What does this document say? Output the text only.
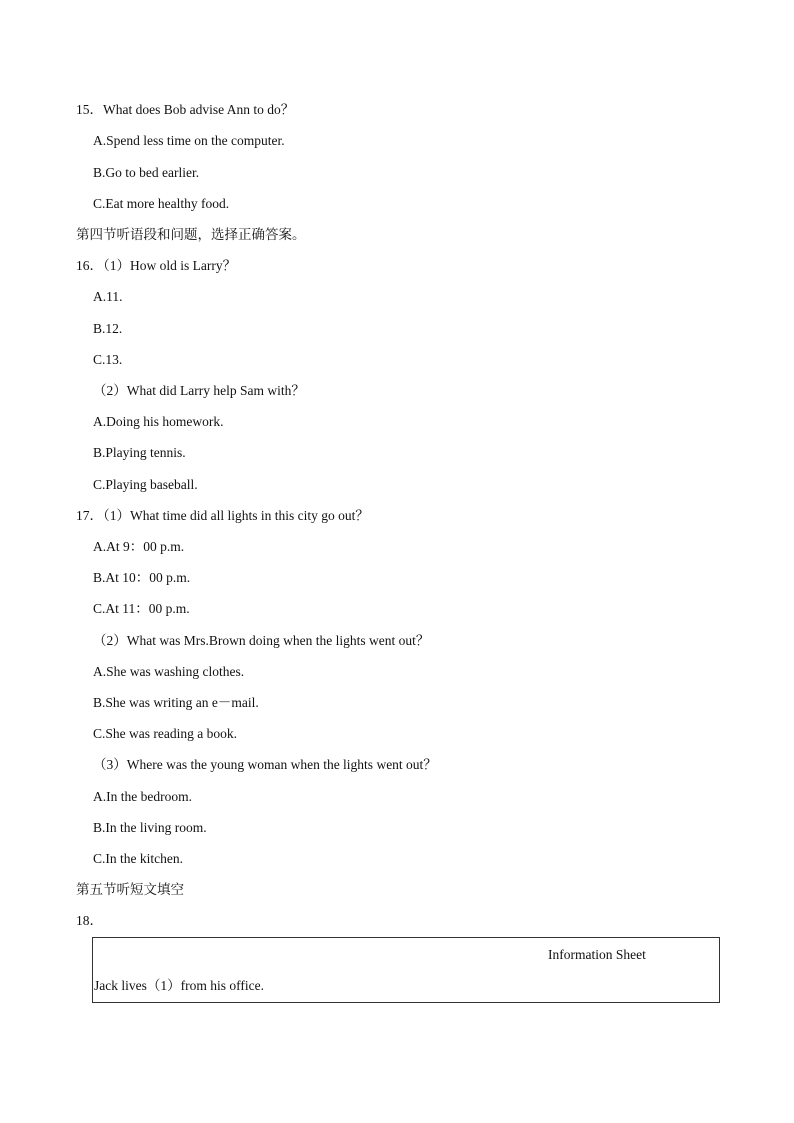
15．What does Bob advise Ann to do？
A.Spend less time on the computer.
B.Go to bed earlier.
C.Eat more healthy food.
第四节听语段和问题，选择正确答案。
16．（1）How old is Larry？
A.11.
B.12.
C.13.
（2）What did Larry help Sam with？
A.Doing his homework.
B.Playing tennis.
C.Playing baseball.
17．（1）What time did all lights in this city go out？
A.At 9：00 p.m.
B.At 10：00 p.m.
C.At 11：00 p.m.
（2）What was Mrs.Brown doing when the lights went out？
A.She was washing clothes.
B.She was writing an e－mail.
C.She was reading a book.
（3）Where was the young woman when the lights went out？
A.In the bedroom.
B.In the living room.
C.In the kitchen.
第五节听短文填空
18．
Information Sheet
Jack lives（1）from his office.
